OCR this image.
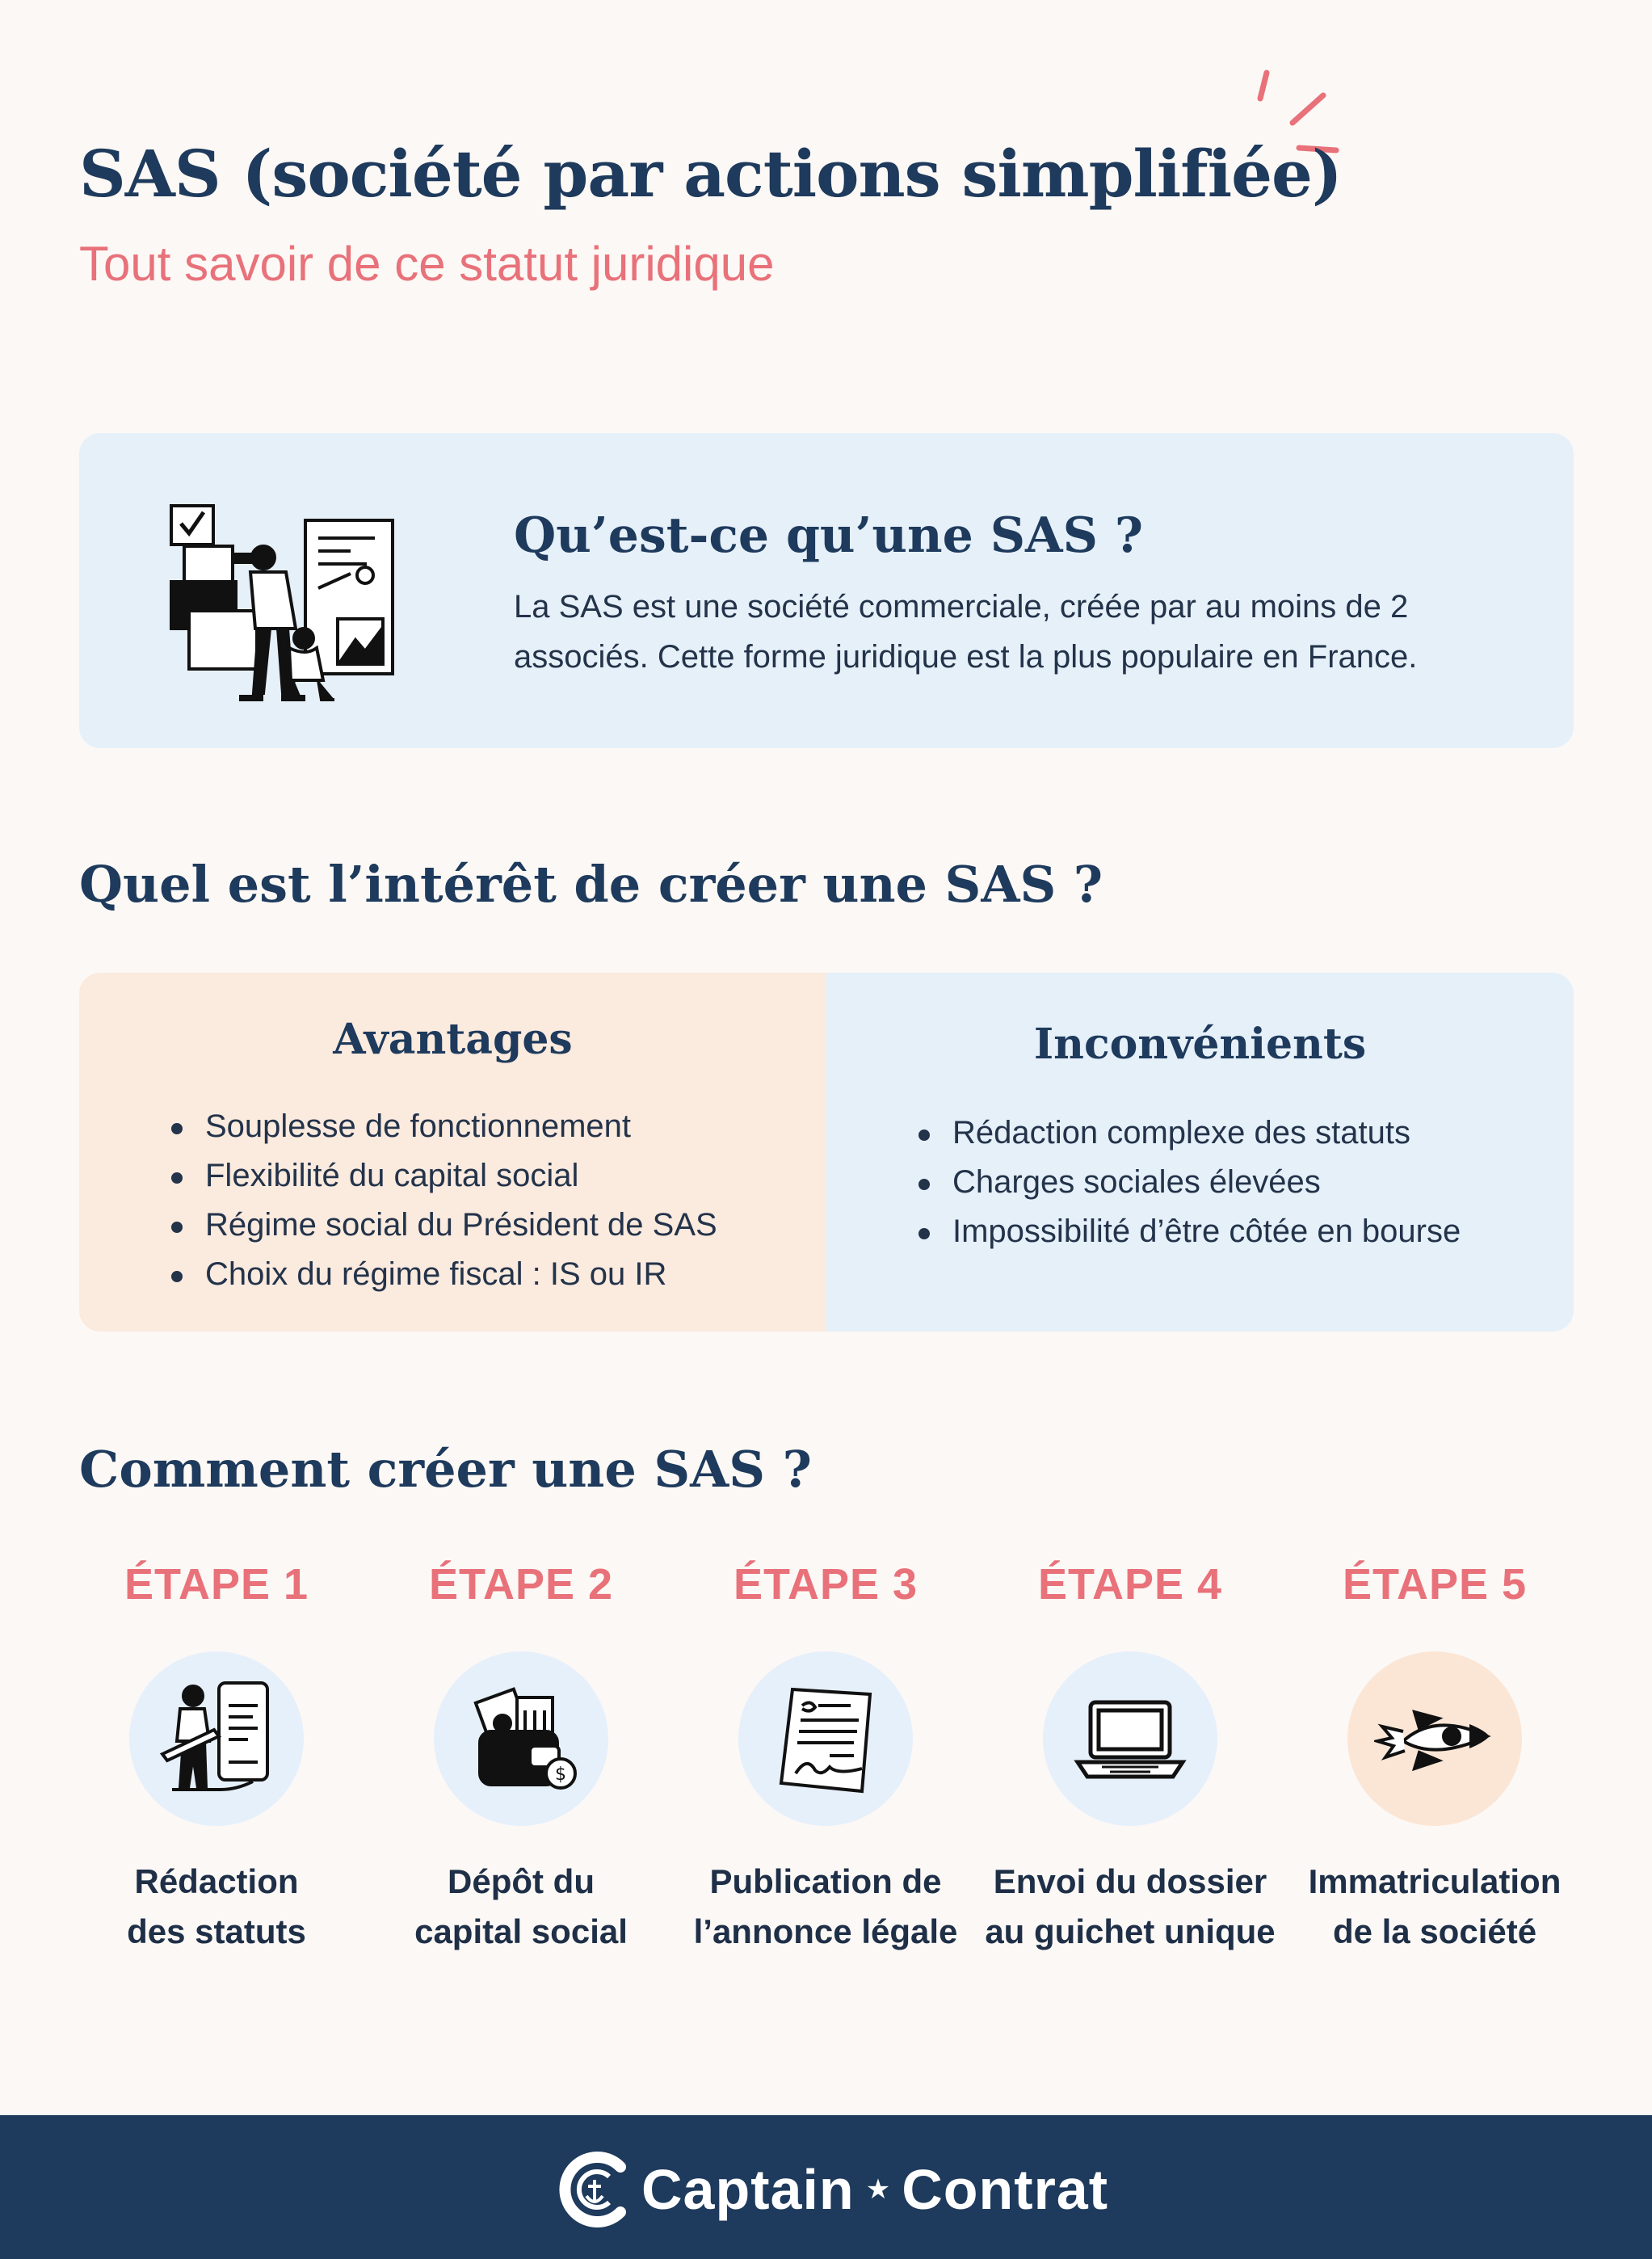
SAS (société par actions simplifiée)
Tout savoir de ce statut juridique
Qu’est-ce qu’une SAS ?

La SAS est une société commerciale, créée par au moins de 2 associés. Cette forme juridique est la plus populaire en France.

Quel est l’intérêt de créer une SAS ?
Avantages
Souplesse de fonctionnement
Flexibilité du capital social
Régime social du Président de SAS
Choix du régime fiscal : IS ou IR
Inconvénients
Rédaction complexe des statuts
Charges sociales élevées
Impossibilité d’être côtée en bourse
Comment créer une SAS ?
ÉTAPE 1
Rédaction
des statuts
ÉTAPE 2
$
Dépôt du
capital social
ÉTAPE 3
Publication de
l’annonce légale
ÉTAPE 4
Envoi du dossier
au guichet unique
ÉTAPE 5
Immatriculation
de la société
Captain ★ Contrat
